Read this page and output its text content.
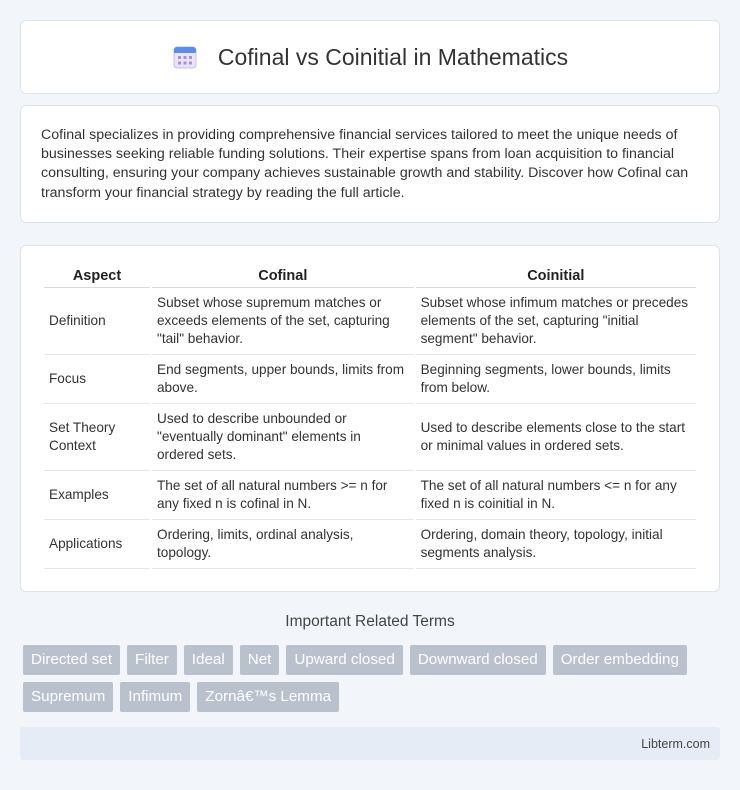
Cofinal vs Coinitial in Mathematics

Cofinal specializes in providing comprehensive financial services tailored to meet the unique needs of businesses seeking reliable funding solutions. Their expertise spans from loan acquisition to financial consulting, ensuring your company achieves sustainable growth and stability. Discover how Cofinal can transform your financial strategy by reading the full article.

Aspect	Cofinal	Coinitial
Definition	Subset whose supremum matches or exceeds elements of the set, capturing "tail" behavior.	Subset whose infimum matches or precedes elements of the set, capturing "initial segment" behavior.
Focus	End segments, upper bounds, limits from above.	Beginning segments, lower bounds, limits from below.
Set Theory Context	Used to describe unbounded or "eventually dominant" elements in ordered sets.	Used to describe elements close to the start or minimal values in ordered sets.
Examples	The set of all natural numbers >= n for any fixed n is cofinal in N.	The set of all natural numbers <= n for any fixed n is coinitial in N.
Applications	Ordering, limits, ordinal analysis, topology.	Ordering, domain theory, topology, initial segments analysis.
Important Related Terms
Directed set	Filter	Ideal	Net	Upward closed	Downward closed	Order embedding
Supremum	Infimum	Zornâ€™s Lemma
Libterm.com
